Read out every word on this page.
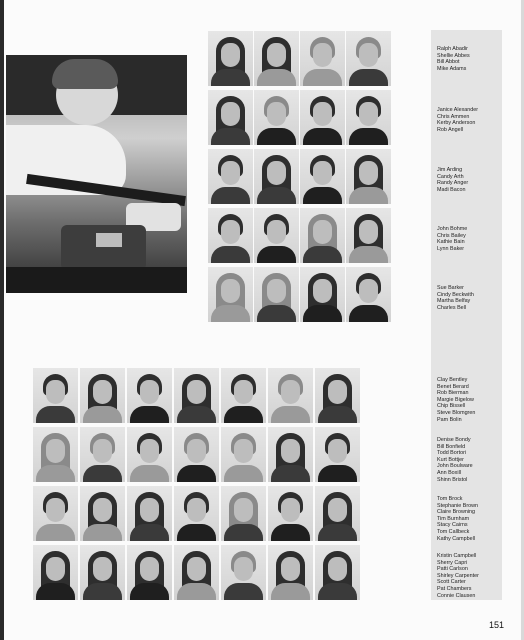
Ralph Abadir
Shellie Abbes
Bill Abbot
Mike Adams
Janice Alexander
Chris Ammen
Kerby Anderson
Rob Angell
Jim Arding
Candy Arth
Randy Anger
Madi Bacon
John Bohme
Chris Bailey
Kathie Bain
Lynn Baker
Sue Barker
Cindy Beckwith
Martha Belfay
Charles Bell
Clay Bentley
Benet Berard
Rob Bierman
Margie Bigelow
Chip Bissell
Steve Blomgren
Pam Bolin
Denise Bondy
Bill Bonfield
Todd Bortori
Kurt Bottjer
John Boulware
Ann Boxill
Shinn Bristol
Tom Brock
Stephanie Brown
Claire Browning
Tim Burnham
Stacy Cairns
Tom Callbeck
Kathy Campbell
Kristin Campbell
Sherry Capri
Patti Carlson
Shirley Carpenter
Scott Carter
Pat Chambers
Connie Clausen
151
